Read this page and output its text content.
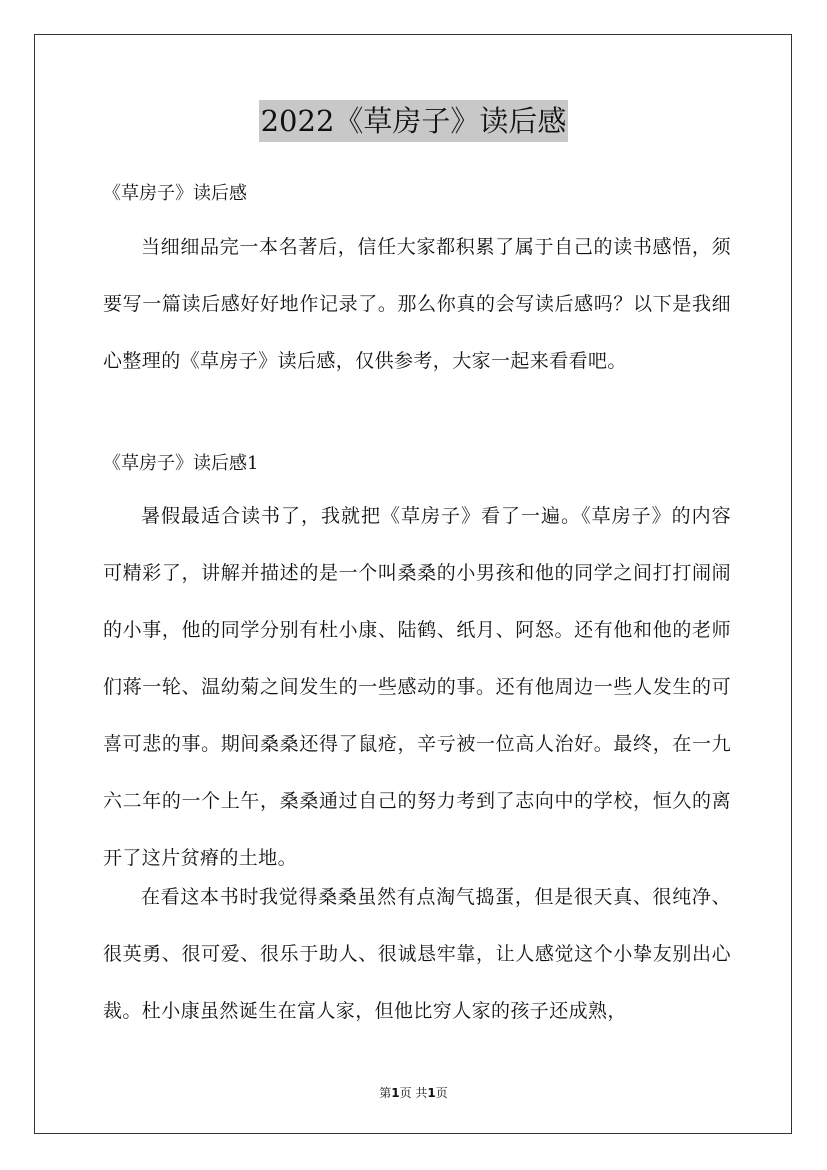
2022《草房子》读后感
《草房子》读后感

当细细品完一本名著后，信任大家都积累了属于自己的读书感悟，须要写一篇读后感好好地作记录了。那么你真的会写读后感吗？以下是我细心整理的《草房子》读后感，仅供参考，大家一起来看看吧。

《草房子》读后感1

暑假最适合读书了，我就把《草房子》看了一遍。《草房子》的内容可精彩了，讲解并描述的是一个叫桑桑的小男孩和他的同学之间打打闹闹的小事，他的同学分别有杜小康、陆鹤、纸月、阿怒。还有他和他的老师们蒋一轮、温幼菊之间发生的一些感动的事。还有他周边一些人发生的可喜可悲的事。期间桑桑还得了鼠疮，辛亏被一位高人治好。最终，在一九六二年的一个上午，桑桑通过自己的努力考到了志向中的学校，恒久的离开了这片贫瘠的土地。

在看这本书时我觉得桑桑虽然有点淘气捣蛋，但是很天真、很纯净、很英勇、很可爱、很乐于助人、很诚恳牢靠，让人感觉这个小挚友别出心裁。杜小康虽然诞生在富人家，但他比穷人家的孩子还成熟，

第1页 共1页
